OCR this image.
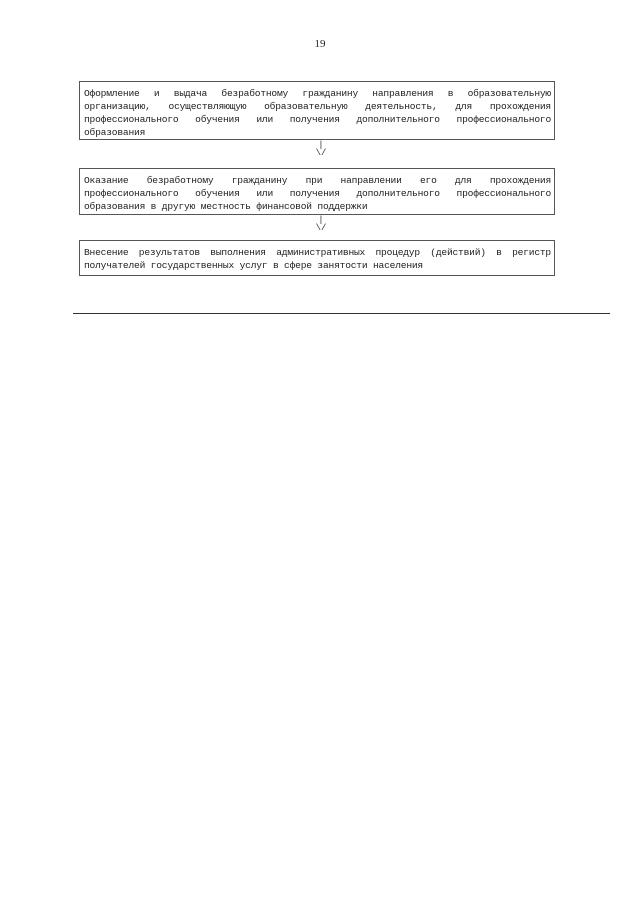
19
Оформление и выдача безработному гражданину направления в образовательную организацию, осуществляющую образовательную деятельность, для прохождения профессионального обучения или получения дополнительного профессионального образования
|
\/
Оказание безработному гражданину при направлении его для прохождения профессионального обучения или получения дополнительного профессионального образования в другую местность финансовой поддержки
|
\/
Внесение результатов выполнения административных процедур (действий) в регистр получателей государственных услуг в сфере занятости населения
